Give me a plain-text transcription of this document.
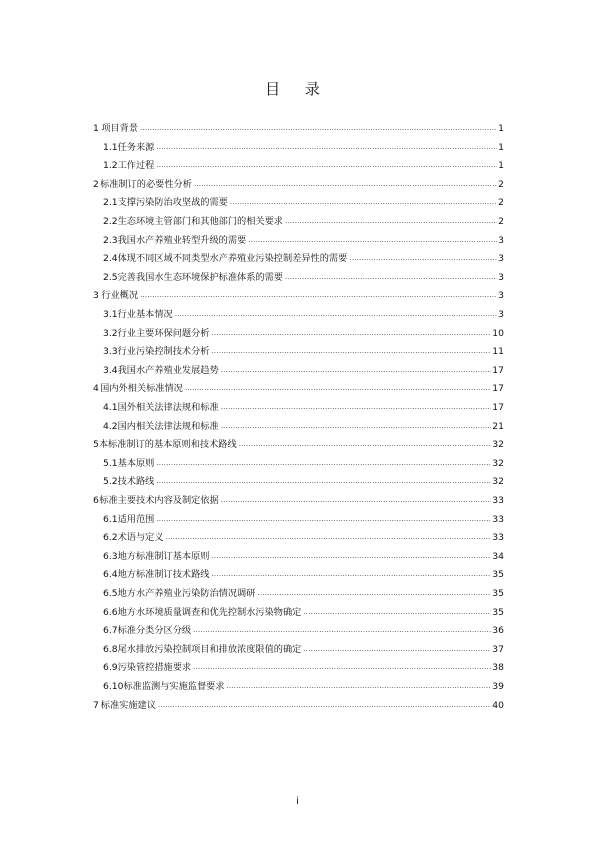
目 录
1 项目背景 .....	1
1.1 任务来源 .....	1
1.2 工作过程 .....	1
2 标准制订的必要性分析 .....	2
2.1 支撑污染防治攻坚战的需要 .....	2
2.2 生态环境主管部门和其他部门的相关要求 .....	2
2.3 我国水产养殖业转型升级的需要 .....	3
2.4 体现不同区域不同类型水产养殖业污染控制差异性的需要 .....	3
2.5 完善我国水生态环境保护标准体系的需要 .....	3
3 行业概况 .....	3
3.1 行业基本情况 .....	3
3.2 行业主要环保问题分析 .....	10
3.3 行业污染控制技术分析 .....	11
3.4 我国水产养殖业发展趋势 .....	17
4 国内外相关标准情况 .....	17
4.1 国外相关法律法规和标准 .....	17
4.2 国内相关法律法规和标准 .....	21
5 本标准制订的基本原则和技术路线 .....	32
5.1 基本原则 .....	32
5.2 技术路线 .....	32
6 标准主要技术内容及制定依据 .....	33
6.1 适用范围 .....	33
6.2 术语与定义 .....	33
6.3 地方标准制订基本原则 .....	34
6.4 地方标准制订技术路线 .....	35
6.5 地方水产养殖业污染防治情况调研 .....	35
6.6 地方水环境质量调查和优先控制水污染物确定 .....	35
6.7 标准分类分区分级 .....	36
6.8 尾水排放污染控制项目和排放浓度限值的确定 .....	37
6.9 污染管控措施要求 .....	38
6.10 标准监测与实施监督要求 .....	39
7 标准实施建议 .....	40
i
